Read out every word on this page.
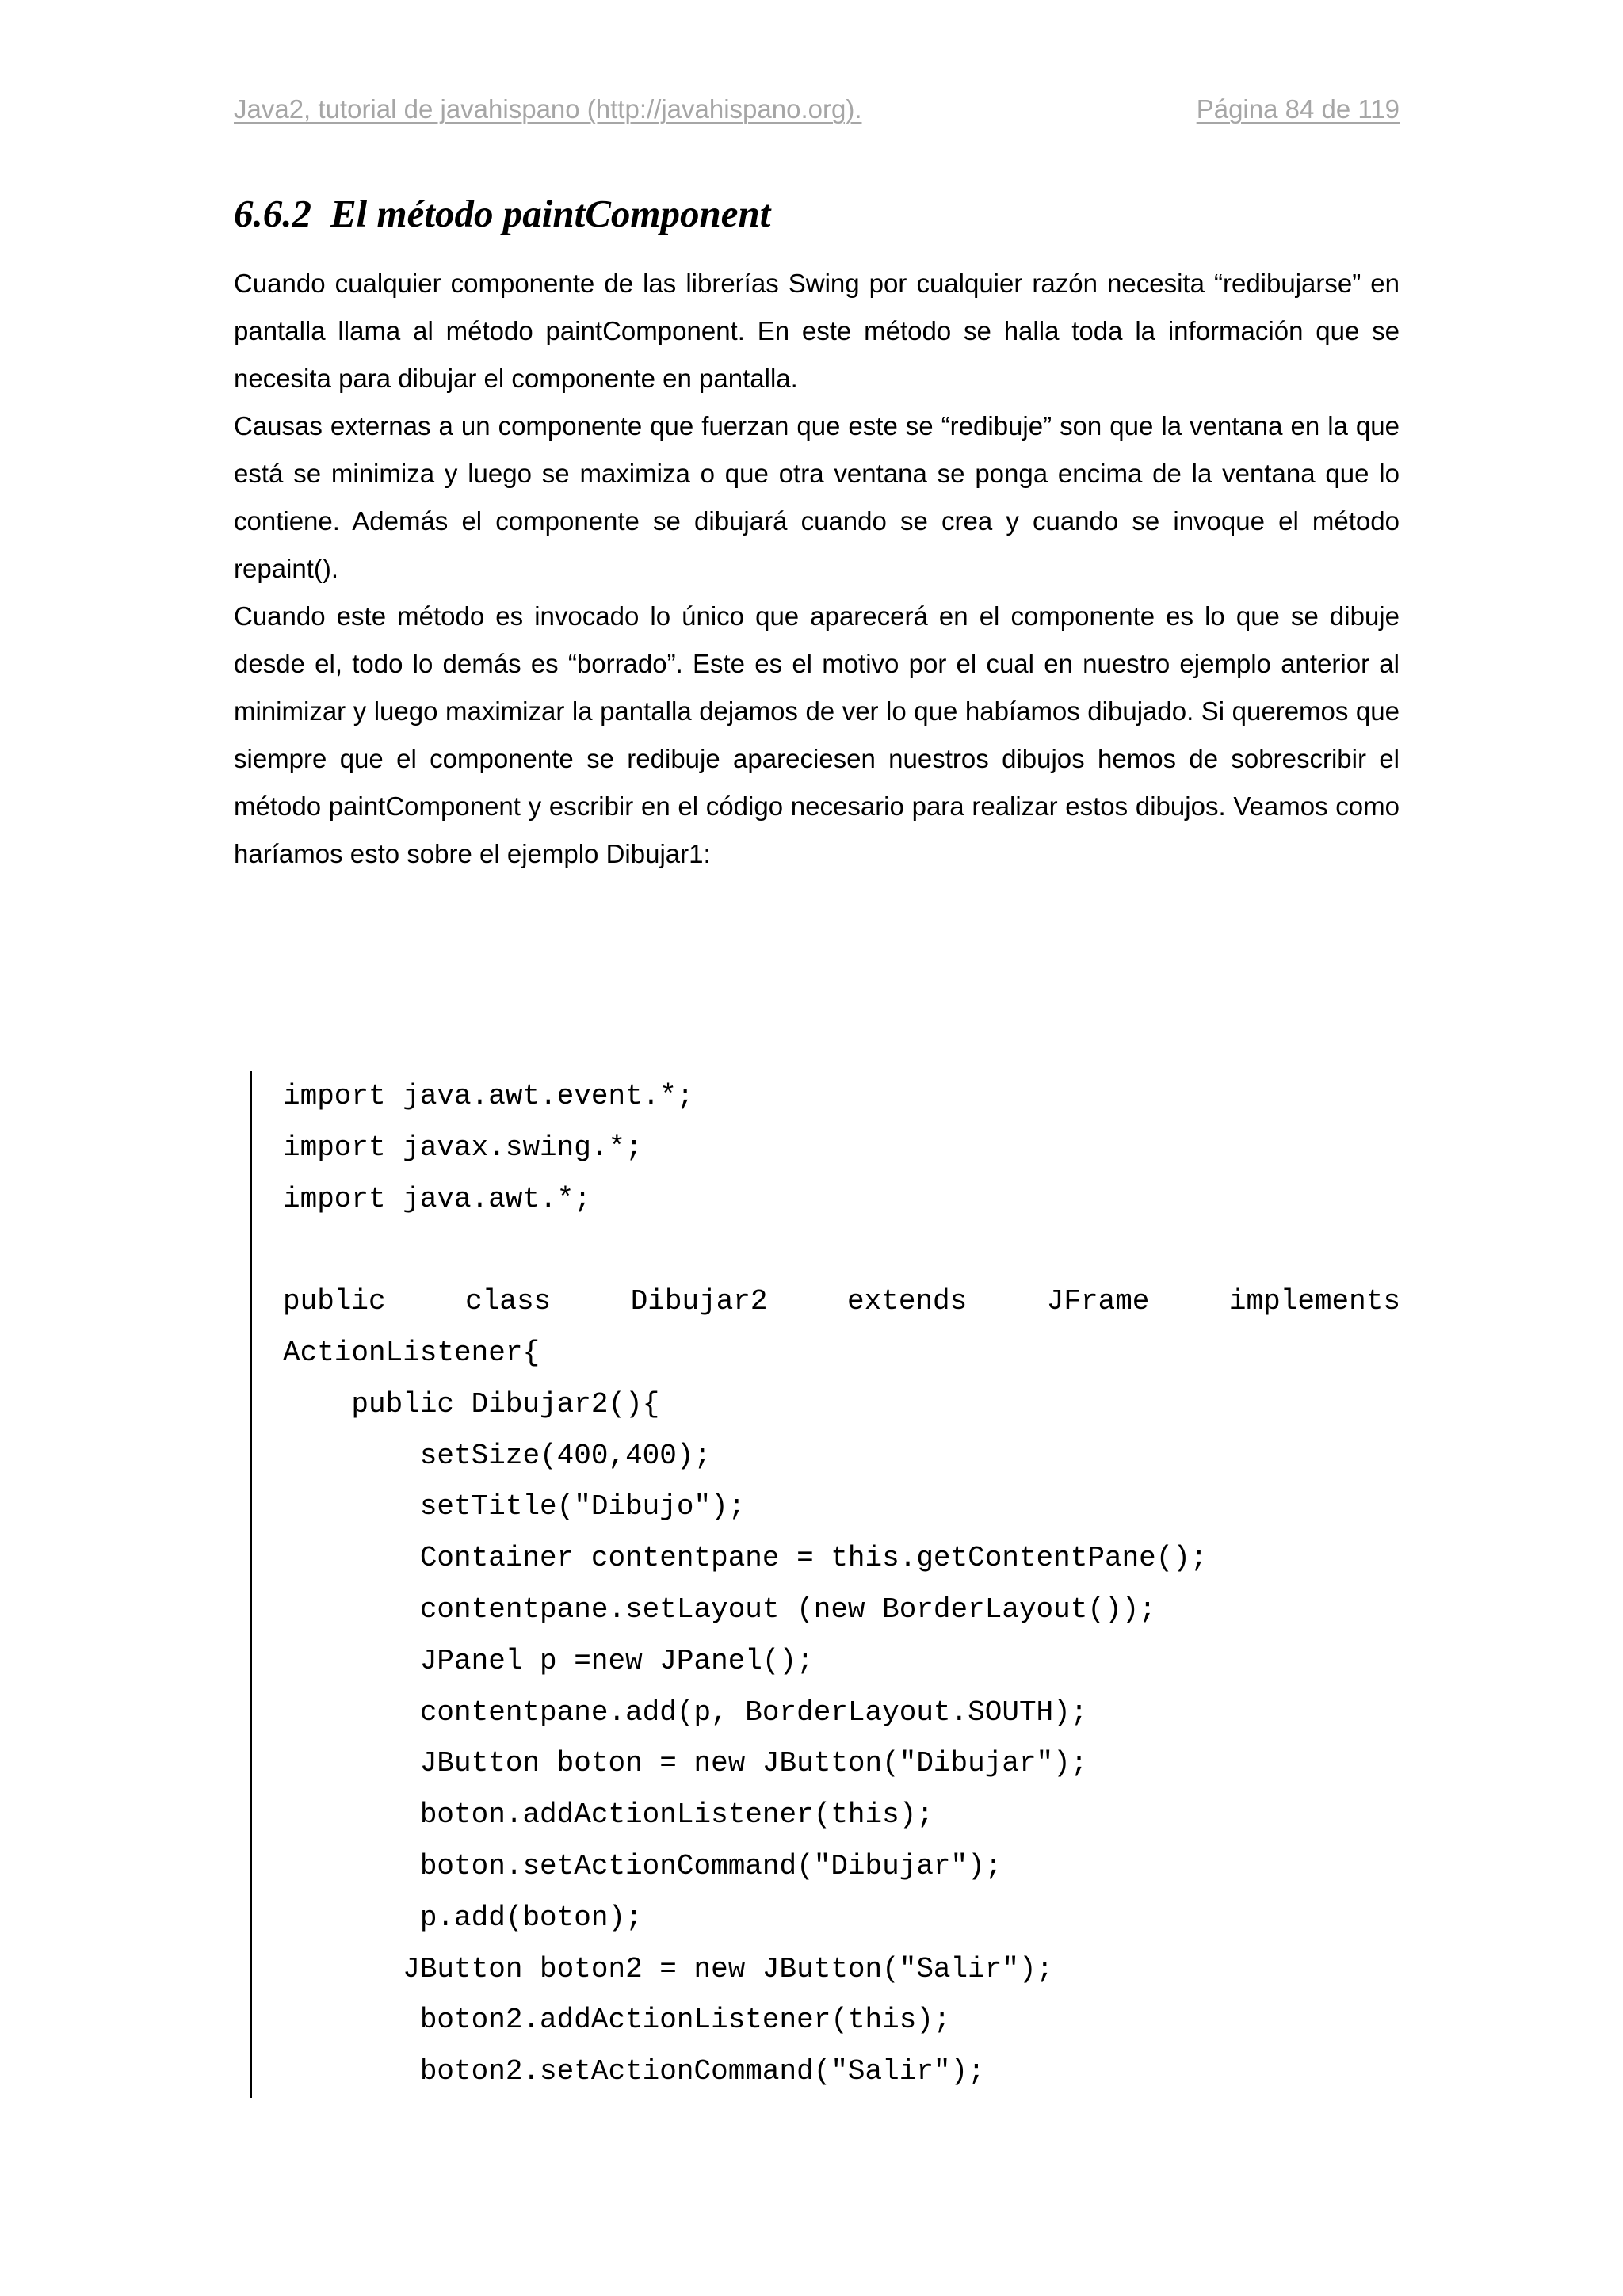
Java2, tutorial de javahispano (http://javahispano.org).	Página 84 de 119
6.6.2 El método paintComponent

Cuando cualquier componente de las librerías Swing por cualquier razón necesita “redibujarse” en pantalla llama al método paintComponent. En este método se halla toda la información que se necesita para dibujar el componente en pantalla.

Causas externas a un componente que fuerzan que este se “redibuje” son que la ventana en la que está se minimiza y luego se maximiza o que otra ventana se ponga encima de la ventana que lo contiene. Además el componente se dibujará cuando se crea y cuando se invoque el método repaint().

Cuando este método es invocado lo único que aparecerá en el componente es lo que se dibuje desde el, todo lo demás es “borrado”. Este es el motivo por el cual en nuestro ejemplo anterior al minimizar y luego maximizar la pantalla dejamos de ver lo que habíamos dibujado. Si queremos que siempre que el componente se redibuje apareciesen nuestros dibujos hemos de sobrescribir el método paintComponent y escribir en el código necesario para realizar estos dibujos. Veamos como haríamos esto sobre el ejemplo Dibujar1:

import java.awt.event.*;
import javax.swing.*;
import java.awt.*;
public	class	Dibujar2	extends	JFrame	implements
ActionListener{
public Dibujar2(){
setSize(400,400);
setTitle("Dibujo");
Container contentpane = this.getContentPane();
contentpane.setLayout (new BorderLayout());
JPanel p =new JPanel();
contentpane.add(p, BorderLayout.SOUTH);
JButton boton = new JButton("Dibujar");
boton.addActionListener(this);
boton.setActionCommand("Dibujar");
p.add(boton);
JButton boton2 = new JButton("Salir");
boton2.addActionListener(this);
boton2.setActionCommand("Salir");
